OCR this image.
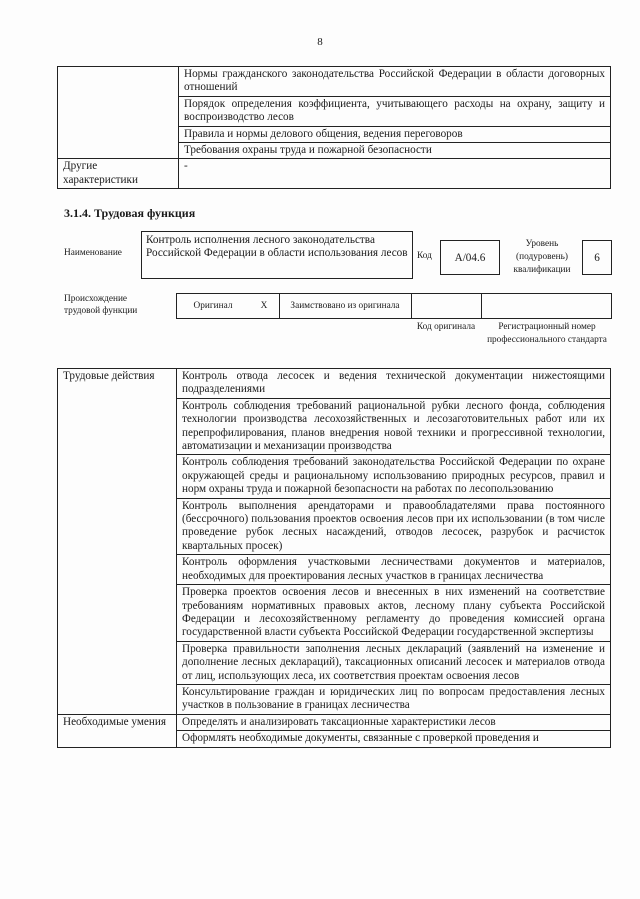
8
	Нормы гражданского законодательства Российской Федерации в области договорных отношений
	Порядок определения коэффициента, учитывающего расходы на охрану, защиту и воспроизводство лесов
	Правила и нормы делового общения, ведения переговоров
	Требования охраны труда и пожарной безопасности
Другие характеристики	-
3.1.4. Трудовая функция
Наименование
Контроль исполнения лесного законодательства Российской Федерации в области использования лесов	Код	А/04.6
Уровень (подуровень) квалификации
6
Происхождение трудовой функции	Оригинал	X	Заимствовано из оригинала
Код оригинала	Регистрационный номер профессионального стандарта
Трудовые действия	Контроль отвода лесосек и ведения технической документации нижестоящими подразделениями
	Контроль соблюдения требований рациональной рубки лесного фонда, соблюдения технологии производства лесохозяйственных и лесозаготовительных работ или их перепрофилирования, планов внедрения новой техники и прогрессивной технологии, автоматизации и механизации производства
	Контроль соблюдения требований законодательства Российской Федерации по охране окружающей среды и рациональному использованию природных ресурсов, правил и норм охраны труда и пожарной безопасности на работах по лесопользованию
	Контроль выполнения арендаторами и правообладателями права постоянного (бессрочного) пользования проектов освоения лесов при их использовании (в том числе проведение рубок лесных насаждений, отводов лесосек, разрубок и расчисток квартальных просек)
	Контроль оформления участковыми лесничествами документов и материалов, необходимых для проектирования лесных участков в границах лесничества
	Проверка проектов освоения лесов и внесенных в них изменений на соответствие требованиям нормативных правовых актов, лесному плану субъекта Российской Федерации и лесохозяйственному регламенту до проведения комиссией органа государственной власти субъекта Российской Федерации государственной экспертизы
	Проверка правильности заполнения лесных деклараций (заявлений на изменение и дополнение лесных деклараций), таксационных описаний лесосек и материалов отвода от лиц, использующих леса, их соответствия проектам освоения лесов
	Консультирование граждан и юридических лиц по вопросам предоставления лесных участков в пользование в границах лесничества
Необходимые умения	Определять и анализировать таксационные характеристики лесов
	Оформлять необходимые документы, связанные с проверкой проведения и
